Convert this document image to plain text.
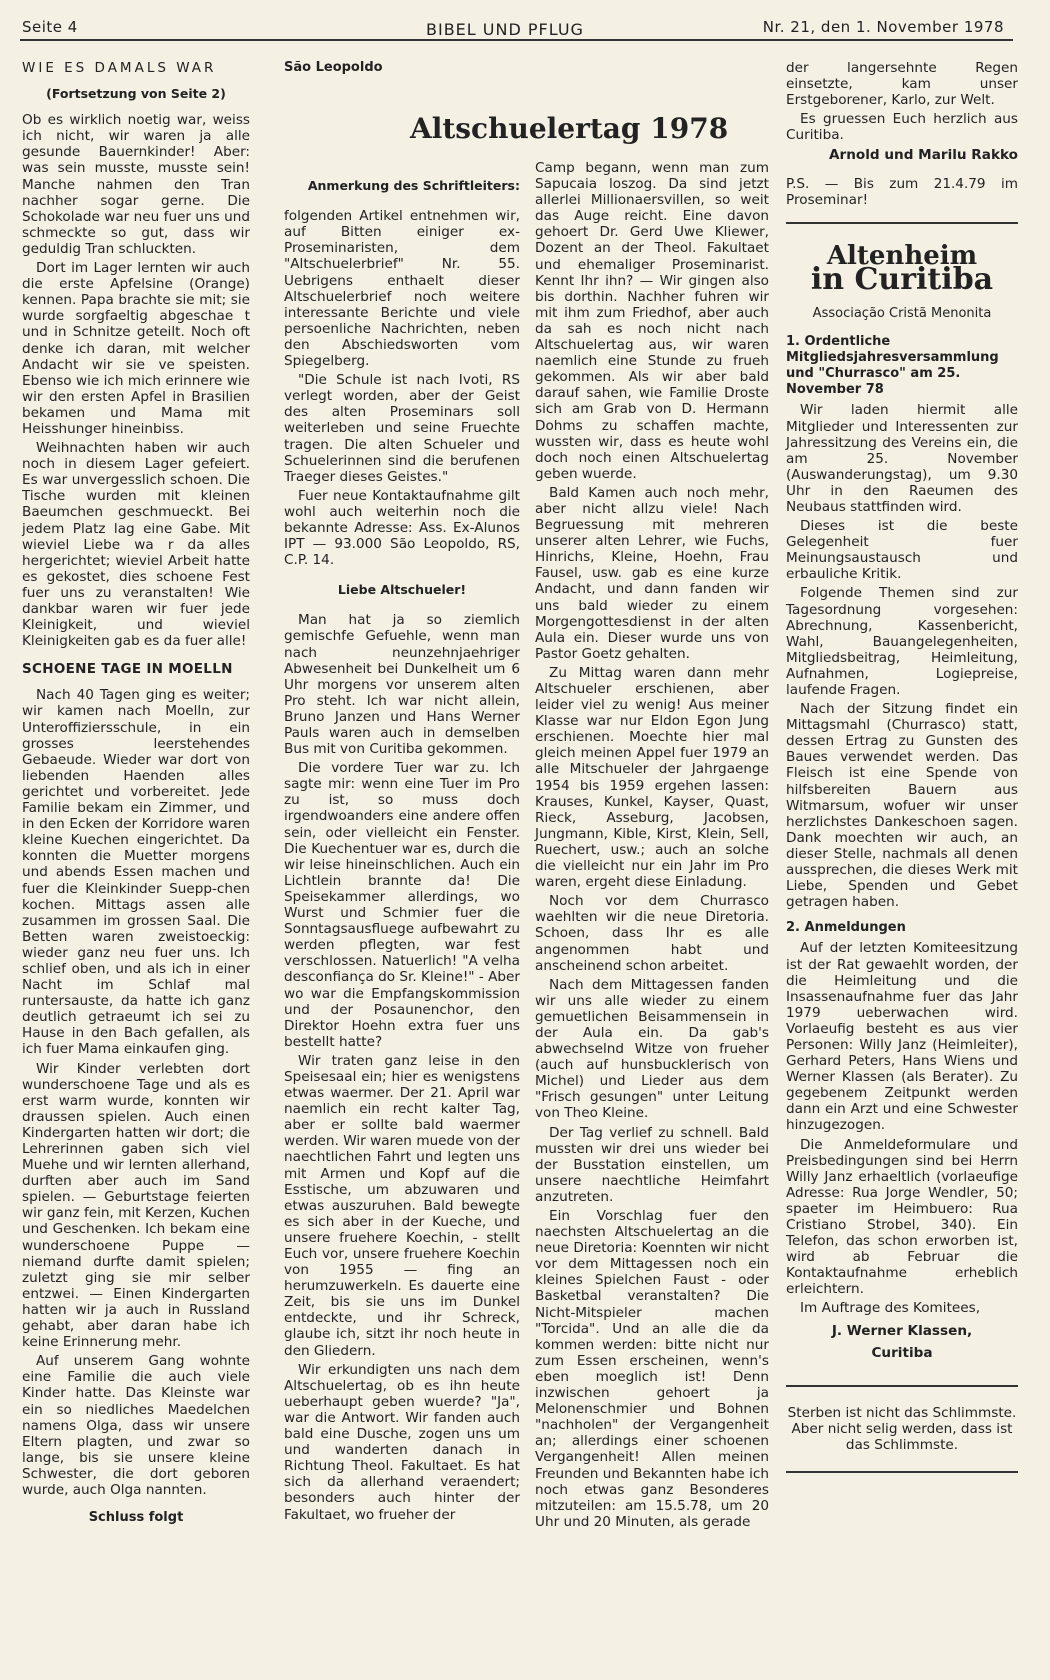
Seite 4	BIBEL UND PFLUG	Nr. 21, den 1. November 1978
Altschuelertag 1978
WIE ES DAMALS WAR
(Fortsetzung von Seite 2)

Ob es wirklich noetig war, weiss ich nicht, wir waren ja alle gesunde Bauernkinder! Aber: was sein musste, musste sein! Manche nahmen den Tran nachher sogar gerne. Die Schokolade war neu fuer uns und schmeckte so gut, dass wir geduldig Tran schluckten.

Dort im Lager lernten wir auch die erste Apfelsine (Orange) kennen. Papa brachte sie mit; sie wurde sorgfaeltig abgeschae t und in Schnitze geteilt. Noch oft denke ich daran, mit welcher Andacht wir sie ve speisten. Ebenso wie ich mich erinnere wie wir den ersten Apfel in Brasilien bekamen und Mama mit Heisshunger hineinbiss.

Weihnachten haben wir auch noch in diesem Lager gefeiert. Es war unvergesslich schoen. Die Tische wurden mit kleinen Baeumchen geschmueckt. Bei jedem Platz lag eine Gabe. Mit wieviel Liebe wa r da alles hergerichtet; wieviel Arbeit hatte es gekostet, dies schoene Fest fuer uns zu veranstalten! Wie dankbar waren wir fuer jede Kleinigkeit, und wieviel Kleinigkeiten gab es da fuer alle!

SCHOENE TAGE IN MOELLN

Nach 40 Tagen ging es weiter; wir kamen nach Moelln, zur Unteroffiziersschule, in ein grosses leerstehendes Gebaeude. Wieder war dort von liebenden Haenden alles gerichtet und vorbereitet. Jede Familie bekam ein Zimmer, und in den Ecken der Korridore waren kleine Kuechen eingerichtet. Da konnten die Muetter morgens und abends Essen machen und fuer die Kleinkinder Suepp-chen kochen. Mittags assen alle zusammen im grossen Saal. Die Betten waren zweistoeckig: wieder ganz neu fuer uns. Ich schlief oben, und als ich in einer Nacht im Schlaf mal runtersauste, da hatte ich ganz deutlich getraeumt ich sei zu Hause in den Bach gefallen, als ich fuer Mama einkaufen ging.

Wir Kinder verlebten dort wunderschoene Tage und als es erst warm wurde, konnten wir draussen spielen. Auch einen Kindergarten hatten wir dort; die Lehrerinnen gaben sich viel Muehe und wir lernten allerhand, durften aber auch im Sand spielen. — Geburtstage feierten wir ganz fein, mit Kerzen, Kuchen und Geschenken. Ich bekam eine wunderschoene Puppe — niemand durfte damit spielen; zuletzt ging sie mir selber entzwei. — Einen Kindergarten hatten wir ja auch in Russland gehabt, aber daran habe ich keine Erinnerung mehr.

Auf unserem Gang wohnte eine Familie die auch viele Kinder hatte. Das Kleinste war ein so niedliches Maedelchen namens Olga, dass wir unsere Eltern plagten, und zwar so lange, bis sie unsere kleine Schwester, die dort geboren wurde, auch Olga nannten.

Schluss folgt
São Leopoldo
Anmerkung des Schriftleiters:

folgenden Artikel entnehmen wir, auf Bitten einiger ex-Proseminaristen, dem "Altschuelerbrief" Nr. 55. Uebrigens enthaelt dieser Altschuelerbrief noch weitere interessante Berichte und viele persoenliche Nachrichten, neben den Abschiedsworten vom Spiegelberg.

"Die Schule ist nach Ivoti, RS verlegt worden, aber der Geist des alten Proseminars soll weiterleben und seine Fruechte tragen. Die alten Schueler und Schuelerinnen sind die berufenen Traeger dieses Geistes."

Fuer neue Kontaktaufnahme gilt wohl auch weiterhin noch die bekannte Adresse: Ass. Ex-Alunos IPT — 93.000 São Leopoldo, RS, C.P. 14.

Liebe Altschueler!

Man hat ja so ziemlich gemischfe Gefuehle, wenn man nach neunzehnjaehriger Abwesenheit bei Dunkelheit um 6 Uhr morgens vor unserem alten Pro steht. Ich war nicht allein, Bruno Janzen und Hans Werner Pauls waren auch in demselben Bus mit von Curitiba gekommen.

Die vordere Tuer war zu. Ich sagte mir: wenn eine Tuer im Pro zu ist, so muss doch irgendwoanders eine andere offen sein, oder vielleicht ein Fenster. Die Kuechentuer war es, durch die wir leise hineinschlichen. Auch ein Lichtlein brannte da! Die Speisekammer allerdings, wo Wurst und Schmier fuer die Sonntagsausfluege aufbewahrt zu werden pflegten, war fest verschlossen. Natuerlich! "A velha desconfiança do Sr. Kleine!" - Aber wo war die Empfangskommission und der Posaunenchor, den Direktor Hoehn extra fuer uns bestellt hatte?

Wir traten ganz leise in den Speisesaal ein; hier es wenigstens etwas waermer. Der 21. April war naemlich ein recht kalter Tag, aber er sollte bald waermer werden. Wir waren muede von der naechtlichen Fahrt und legten uns mit Armen und Kopf auf die Esstische, um abzuwaren und etwas auszuruhen. Bald bewegte es sich aber in der Kueche, und unsere fruehere Koechin, - stellt Euch vor, unsere fruehere Koechin von 1955 — fing an herumzuwerkeln. Es dauerte eine Zeit, bis sie uns im Dunkel entdeckte, und ihr Schreck, glaube ich, sitzt ihr noch heute in den Gliedern.

Wir erkundigten uns nach dem Altschuelertag, ob es ihn heute ueberhaupt geben wuerde? "Ja", war die Antwort. Wir fanden auch bald eine Dusche, zogen uns um und wanderten danach in Richtung Theol. Fakultaet. Es hat sich da allerhand veraendert; besonders auch hinter der Fakultaet, wo frueher der

Camp begann, wenn man zum Sapucaia loszog. Da sind jetzt allerlei Millionaersvillen, so weit das Auge reicht. Eine davon gehoert Dr. Gerd Uwe Kliewer, Dozent an der Theol. Fakultaet und ehemaliger Proseminarist. Kennt Ihr ihn? — Wir gingen also bis dorthin. Nachher fuhren wir mit ihm zum Friedhof, aber auch da sah es noch nicht nach Altschuelertag aus, wir waren naemlich eine Stunde zu frueh gekommen. Als wir aber bald darauf sahen, wie Familie Droste sich am Grab von D. Hermann Dohms zu schaffen machte, wussten wir, dass es heute wohl doch noch einen Altschuelertag geben wuerde.

Bald Kamen auch noch mehr, aber nicht allzu viele! Nach Begruessung mit mehreren unserer alten Lehrer, wie Fuchs, Hinrichs, Kleine, Hoehn, Frau Fausel, usw. gab es eine kurze Andacht, und dann fanden wir uns bald wieder zu einem Morgengottesdienst in der alten Aula ein. Dieser wurde uns von Pastor Goetz gehalten.

Zu Mittag waren dann mehr Altschueler erschienen, aber leider viel zu wenig! Aus meiner Klasse war nur Eldon Egon Jung erschienen. Moechte hier mal gleich meinen Appel fuer 1979 an alle Mitschueler der Jahrgaenge 1954 bis 1959 ergehen lassen: Krauses, Kunkel, Kayser, Quast, Rieck, Asseburg, Jacobsen, Jungmann, Kible, Kirst, Klein, Sell, Ruechert, usw.; auch an solche die vielleicht nur ein Jahr im Pro waren, ergeht diese Einladung.

Noch vor dem Churrasco waehlten wir die neue Diretoria. Schoen, dass Ihr es alle angenommen habt und anscheinend schon arbeitet.

Nach dem Mittagessen fanden wir uns alle wieder zu einem gemuetlichen Beisammensein in der Aula ein. Da gab's abwechselnd Witze von frueher (auch auf hunsbucklerisch von Michel) und Lieder aus dem "Frisch gesungen" unter Leitung von Theo Kleine.

Der Tag verlief zu schnell. Bald mussten wir drei uns wieder bei der Busstation einstellen, um unsere naechtliche Heimfahrt anzutreten.

Ein Vorschlag fuer den naechsten Altschuelertag an die neue Diretoria: Koennten wir nicht vor dem Mittagessen noch ein kleines Spielchen Faust - oder Basketbal veranstalten? Die Nicht-Mitspieler machen "Torcida". Und an alle die da kommen werden: bitte nicht nur zum Essen erscheinen, wenn's eben moeglich ist! Denn inzwischen gehoert ja Melonenschmier und Bohnen "nachholen" der Vergangenheit an; allerdings einer schoenen Vergangenheit! Allen meinen Freunden und Bekannten habe ich noch etwas ganz Besonderes mitzuteilen: am 15.5.78, um 20 Uhr und 20 Minuten, als gerade

der langersehnte Regen einsetzte, kam unser Erstgeborener, Karlo, zur Welt.

Es gruessen Euch herzlich aus Curitiba.

Arnold und Marilu Rakko

P.S. — Bis zum 21.4.79 im Proseminar!

Altenheim
in Curitiba
Associação Cristã Menonita
1. Ordentliche Mitgliedsjahresversammlung und "Churrasco" am 25. November 78

Wir laden hiermit alle Mitglieder und Interessenten zur Jahressitzung des Vereins ein, die am 25. November (Auswanderungstag), um 9.30 Uhr in den Raeumen des Neubaus stattfinden wird.

Dieses ist die beste Gelegenheit fuer Meinungsaustausch und erbauliche Kritik.

Folgende Themen sind zur Tagesordnung vorgesehen: Abrechnung, Kassenbericht, Wahl, Bauangelegenheiten, Mitgliedsbeitrag, Heimleitung, Aufnahmen, Logiepreise, laufende Fragen.

Nach der Sitzung findet ein Mittagsmahl (Churrasco) statt, dessen Ertrag zu Gunsten des Baues verwendet werden. Das Fleisch ist eine Spende von hilfsbereiten Bauern aus Witmarsum, wofuer wir unser herzlichstes Dankeschoen sagen. Dank moechten wir auch, an dieser Stelle, nachmals all denen aussprechen, die dieses Werk mit Liebe, Spenden und Gebet getragen haben.

2. Anmeldungen

Auf der letzten Komiteesitzung ist der Rat gewaehlt worden, der die Heimleitung und die Insassenaufnahme fuer das Jahr 1979 ueberwachen wird. Vorlaeufig besteht es aus vier Personen: Willy Janz (Heimleiter), Gerhard Peters, Hans Wiens und Werner Klassen (als Berater). Zu gegebenem Zeitpunkt werden dann ein Arzt und eine Schwester hinzugezogen.

Die Anmeldeformulare und Preisbedingungen sind bei Herrn Willy Janz erhaeltlich (vorlaeufige Adresse: Rua Jorge Wendler, 50; spaeter im Heimbuero: Rua Cristiano Strobel, 340). Ein Telefon, das schon erworben ist, wird ab Februar die Kontaktaufnahme erheblich erleichtern.

Im Auftrage des Komitees,

J. Werner Klassen,
Curitiba

Sterben ist nicht das Schlimmste. Aber nicht selig werden, dass ist das Schlimmste.
